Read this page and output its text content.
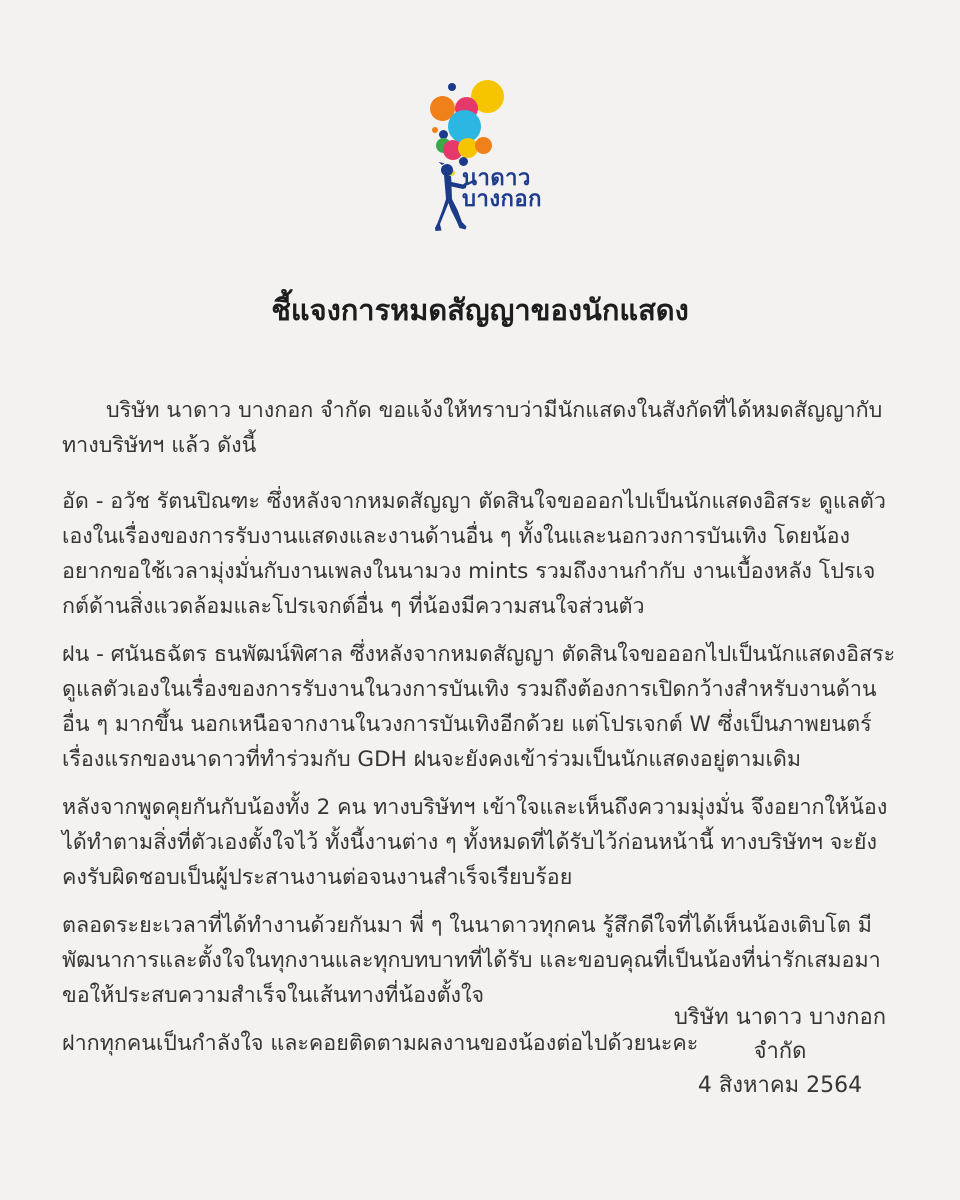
นาดาว
บางกอก
ชี้แจงการหมดสัญญาของนักแสดง

บริษัท นาดาว บางกอก จำกัด ขอแจ้งให้ทราบว่ามีนักแสดงในสังกัดที่ได้หมดสัญญากับทางบริษัทฯ แล้ว ดังนี้

อัด - อวัช รัตนปิณฑะ ซึ่งหลังจากหมดสัญญา ตัดสินใจขอออกไปเป็นนักแสดงอิสระ ดูแลตัวเองในเรื่องของการรับงานแสดงและงานด้านอื่น ๆ ทั้งในและนอกวงการบันเทิง โดยน้องอยากขอใช้เวลามุ่งมั่นกับงานเพลงในนามวง mints รวมถึงงานกำกับ งานเบื้องหลัง โปรเจกต์ด้านสิ่งแวดล้อมและโปรเจกต์อื่น ๆ ที่น้องมีความสนใจส่วนตัว

ฝน - ศนันธฉัตร ธนพัฒน์พิศาล ซึ่งหลังจากหมดสัญญา ตัดสินใจขอออกไปเป็นนักแสดงอิสระ ดูแลตัวเองในเรื่องของการรับงานในวงการบันเทิง รวมถึงต้องการเปิดกว้างสำหรับงานด้านอื่น ๆ มากขึ้น นอกเหนือจากงานในวงการบันเทิงอีกด้วย แต่โปรเจกต์ W ซึ่งเป็นภาพยนตร์เรื่องแรกของนาดาวที่ทำร่วมกับ GDH ฝนจะยังคงเข้าร่วมเป็นนักแสดงอยู่ตามเดิม

หลังจากพูดคุยกันกับน้องทั้ง 2 คน ทางบริษัทฯ เข้าใจและเห็นถึงความมุ่งมั่น จึงอยากให้น้องได้ทำตามสิ่งที่ตัวเองตั้งใจไว้ ทั้งนี้งานต่าง ๆ ทั้งหมดที่ได้รับไว้ก่อนหน้านี้ ทางบริษัทฯ จะยังคงรับผิดชอบเป็นผู้ประสานงานต่อจนงานสำเร็จเรียบร้อย

ตลอดระยะเวลาที่ได้ทำงานด้วยกันมา พี่ ๆ ในนาดาวทุกคน รู้สึกดีใจที่ได้เห็นน้องเติบโต มีพัฒนาการและตั้งใจในทุกงานและทุกบทบาทที่ได้รับ และขอบคุณที่เป็นน้องที่น่ารักเสมอมา ขอให้ประสบความสำเร็จในเส้นทางที่น้องตั้งใจ

ฝากทุกคนเป็นกำลังใจ และคอยติดตามผลงานของน้องต่อไปด้วยนะคะ

บริษัท นาดาว บางกอก จำกัด
4 สิงหาคม 2564
